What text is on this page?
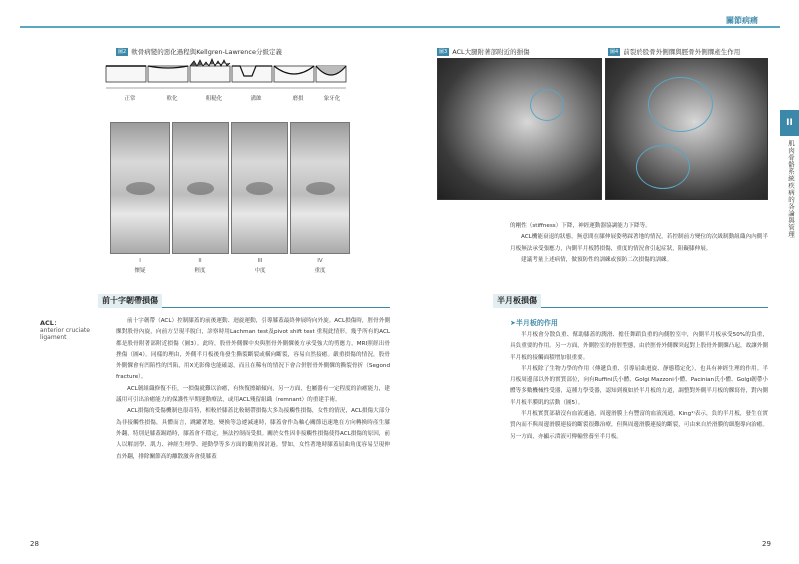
關節病痛
II
肌肉骨骼系統疾病的各論與管理
圖2 軟骨病變的惡化過程與Kellgren-Lawrence分級定義
正常	軟化	粗糙化	溝蝕	磨損	象牙化
I	II	III	IV
懷疑	輕度	中度	重度
圖3 ACL大腿附著部附近的損傷	圖4 前裂於股骨外側髁與脛骨外側髁產生作用
的剛性（stiffness）下降，神經運動器協調能力下降等。

ACL機能衰退的狀態，無意間在膝伸展姿勢踩著地的情況，若控制前方變位的次級制動組織內內側半月板無法承受張應力，內側半月板將損傷，重度的情況會引起症狀，阻礙膝伸展。

建議考量上述病情，做預防性的訓練或預防二次損傷的訓練。

前十字韌帶損傷
ACL：
anterior cruciate ligament

前十字韌帶（ACL）控制膝蓋的前後運動、迴旋運動，引導膝蓋最終伸展時向外旋。ACL損傷時，脛骨外側髁對股骨內旋，向前方呈現半脫臼，診察時用Lachman test及pivot shift test 重現此情形。幾乎所有的ACL都是股骨附著部附近損傷（圖3）。此時，股骨外側髁中央與脛骨外側髁後方承受強大的剪應力，MRI照經出骨挫傷（圖4）。同樣的理由，外側半月板後角發生撕裂斷裂或橫向斷裂，容易自然接癒。嚴重損傷的情況，股骨外側髁會有凹陷性的凹陷，用X光影像也能確認，而且在稀有的情況下會合併脛骨外側髁的撕裂骨折（Segond fracture）。

ACL韌組織修復不佳，一損傷就難以治癒，有恢復擦縮傾向，另一方面，也屬器有一定程度的治癒能力，建議用可引出治癒能力的保護性早期運動療法，或用ACL殘留組織（remnant）的重建手術。

ACL損傷的受傷機制也很奇特，相較於膝蓋比較韌帶損傷大多為接觸性損傷，女性的情況，ACL損傷大部分為非接觸性損傷，具體而言，跳躍著地，變換等急遽減速時，膝蓋會作為軸心關節迅速地在方向轉換時產生膝外翻，特別是膝蓋踢踏時，膝蓋會不穩定，無法控制而受損。關於女性因非接觸性損傷使得ACL損傷的原因，前人以解剖學、肌力、神經生理學、運動學等多方面的觀角探討過。譬如，女性著地時膝蓋屈曲角度容易呈現伸直外翻，排除關節高的離散激奔會使膝蓋

半月板損傷
➤半月板的作用

半月板會分散負重、幫助膝蓋的潤滑、擔任舞蹈負重的內側腔室中，內側半月板承受50%的負重，具負重要的作用。另一方面，外側腔室的骨脛型態，由於脛骨外側髁突起對上股骨外側髁凸起，故讓外側半月板的接觸面積增加很重要。

半月板除了生物力學的作用（傳遞負重、引導屈曲迴旋、靜態穩定化），也具有神經生理的作用。半月板周邊部以外的實質部位，向有Ruffini氏小體、Golgi Mazzoni小體、Pacinian氏小體、Golgi韌帶小體等多數機械性受器，這種力學受器，認知到複如於半月板的力道，調整對外側半月板的髁寫骨，對內側半月板半膜肌的活動（圖5）。

半月板實質部藉沒有血液通過，周邊滑膜上有豐富的血液流通，King¹⁾表示，負的半月板，發生在實質內而不與周邊滑膜連接的斷裂很難治療，但與周邊滑膜連接的斷裂，可由來自於滑膜的細胞導向治癒。另一方面，亦顯示潰液可傳輸營養至半月板。

28	29
